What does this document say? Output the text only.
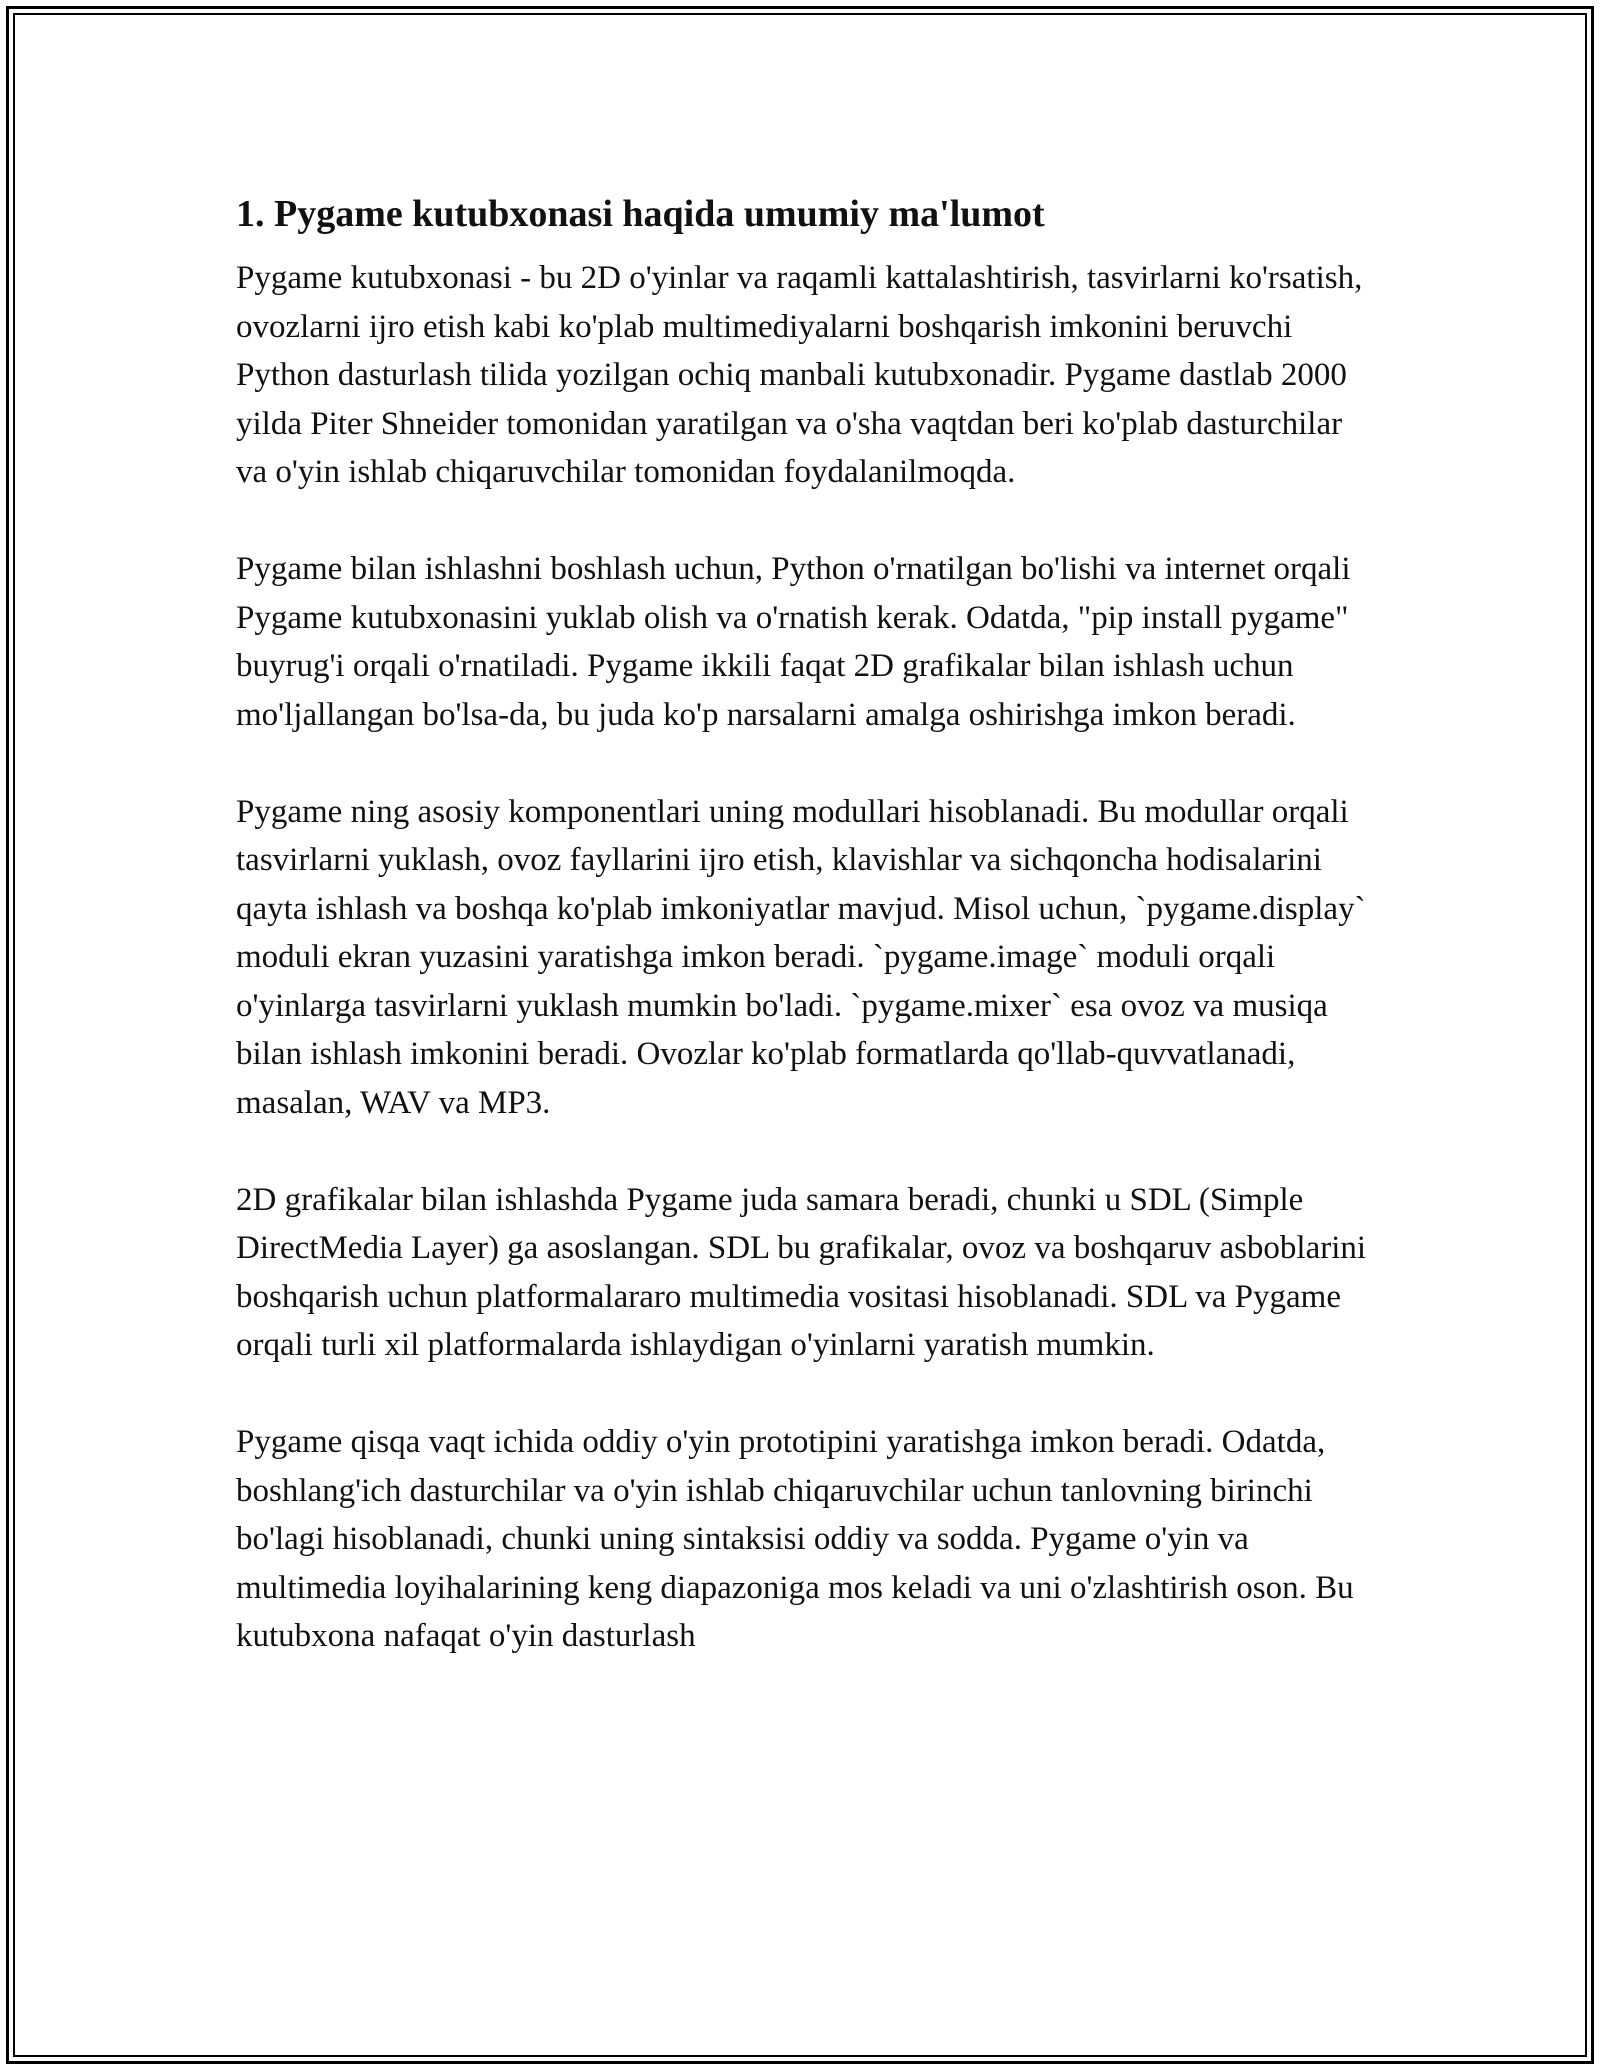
1. Pygame kutubxonasi haqida umumiy ma'lumot

Pygame kutubxonasi - bu 2D o'yinlar va raqamli kattalashtirish, tasvirlarni ko'rsatish, ovozlarni ijro etish kabi ko'plab multimediyalarni boshqarish imkonini beruvchi Python dasturlash tilida yozilgan ochiq manbali kutubxonadir. Pygame dastlab 2000 yilda Piter Shneider tomonidan yaratilgan va o'sha vaqtdan beri ko'plab dasturchilar va o'yin ishlab chiqaruvchilar tomonidan foydalanilmoqda.

Pygame bilan ishlashni boshlash uchun, Python o'rnatilgan bo'lishi va internet orqali Pygame kutubxonasini yuklab olish va o'rnatish kerak. Odatda, "pip install pygame" buyrug'i orqali o'rnatiladi. Pygame ikkili faqat 2D grafikalar bilan ishlash uchun mo'ljallangan bo'lsa-da, bu juda ko'p narsalarni amalga oshirishga imkon beradi.

Pygame ning asosiy komponentlari uning modullari hisoblanadi. Bu modullar orqali tasvirlarni yuklash, ovoz fayllarini ijro etish, klavishlar va sichqoncha hodisalarini qayta ishlash va boshqa ko'plab imkoniyatlar mavjud. Misol uchun, `pygame.display` moduli ekran yuzasini yaratishga imkon beradi. `pygame.image` moduli orqali o'yinlarga tasvirlarni yuklash mumkin bo'ladi. `pygame.mixer` esa ovoz va musiqa bilan ishlash imkonini beradi. Ovozlar ko'plab formatlarda qo'llab-quvvatlanadi, masalan, WAV va MP3.

2D grafikalar bilan ishlashda Pygame juda samara beradi, chunki u SDL (Simple DirectMedia Layer) ga asoslangan. SDL bu grafikalar, ovoz va boshqaruv asboblarini boshqarish uchun platformalararo multimedia vositasi hisoblanadi. SDL va Pygame orqali turli xil platformalarda ishlaydigan o'yinlarni yaratish mumkin.

Pygame qisqa vaqt ichida oddiy o'yin prototipini yaratishga imkon beradi. Odatda, boshlang'ich dasturchilar va o'yin ishlab chiqaruvchilar uchun tanlovning birinchi bo'lagi hisoblanadi, chunki uning sintaksisi oddiy va sodda. Pygame o'yin va multimedia loyihalarining keng diapazoniga mos keladi va uni o'zlashtirish oson. Bu kutubxona nafaqat o'yin dasturlash
